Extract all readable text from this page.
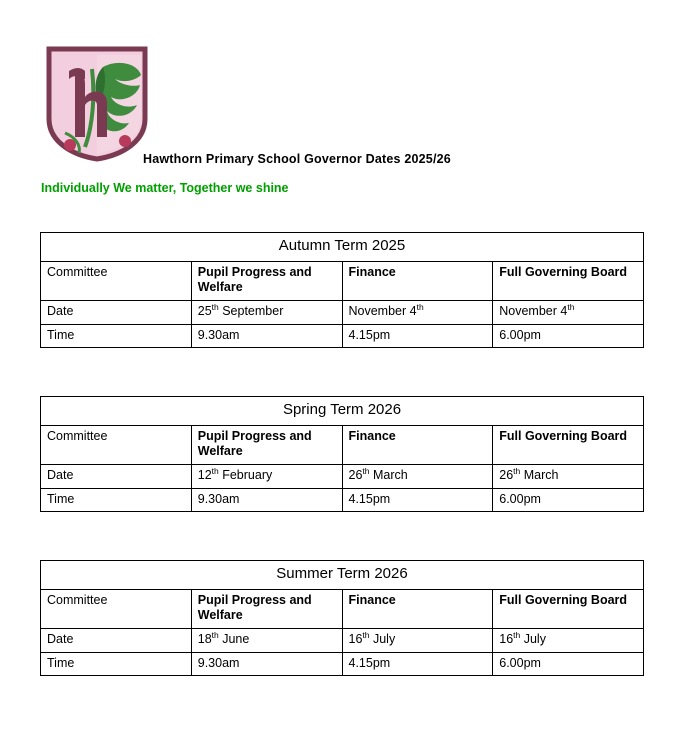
Hawthorn Primary School Governor Dates 2025/26
Individually We matter, Together we shine
Autumn Term 2025			
Committee	Pupil Progress and Welfare	Finance	Full Governing Board
Date	25th September	November 4th	November 4th
Time	9.30am	4.15pm	6.00pm
Spring Term 2026			
Committee	Pupil Progress and Welfare	Finance	Full Governing Board
Date	12th February	26th March	26th March
Time	9.30am	4.15pm	6.00pm
Summer Term 2026			
Committee	Pupil Progress and Welfare	Finance	Full Governing Board
Date	18th June	16th July	16th July
Time	9.30am	4.15pm	6.00pm
